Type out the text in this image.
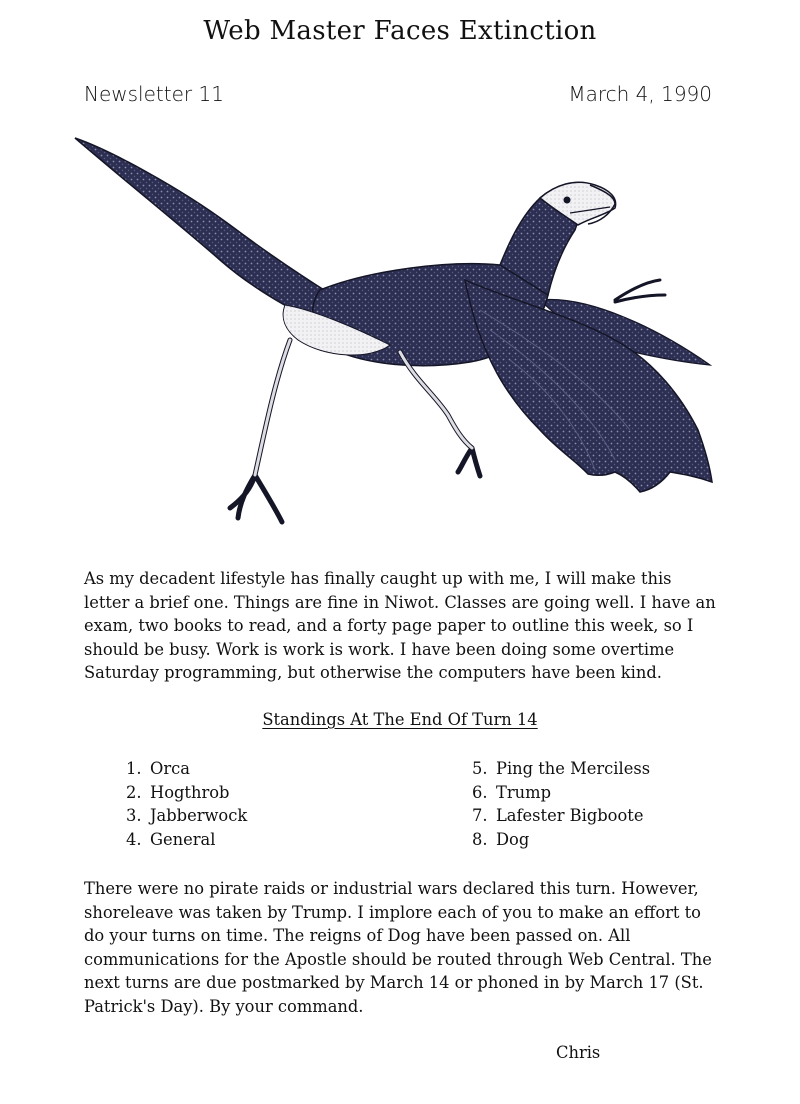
Web Master Faces Extinction
Newsletter 11	March 4, 1990

As my decadent lifestyle has finally caught up with me, I will make this letter a brief one. Things are fine in Niwot. Classes are going well. I have an exam, two books to read, and a forty page paper to outline this week, so I should be busy. Work is work is work. I have been doing some overtime Saturday programming, but otherwise the computers have been kind.

Standings At The End Of Turn 14
1. Orca
2. Hogthrob
3. Jabberwock
4. General
5. Ping the Merciless
6. Trump
7. Lafester Bigboote
8. Dog

There were no pirate raids or industrial wars declared this turn. However, shoreleave was taken by Trump. I implore each of you to make an effort to do your turns on time. The reigns of Dog have been passed on. All communications for the Apostle should be routed through Web Central. The next turns are due postmarked by March 14 or phoned in by March 17 (St. Patrick's Day). By your command.

Chris
